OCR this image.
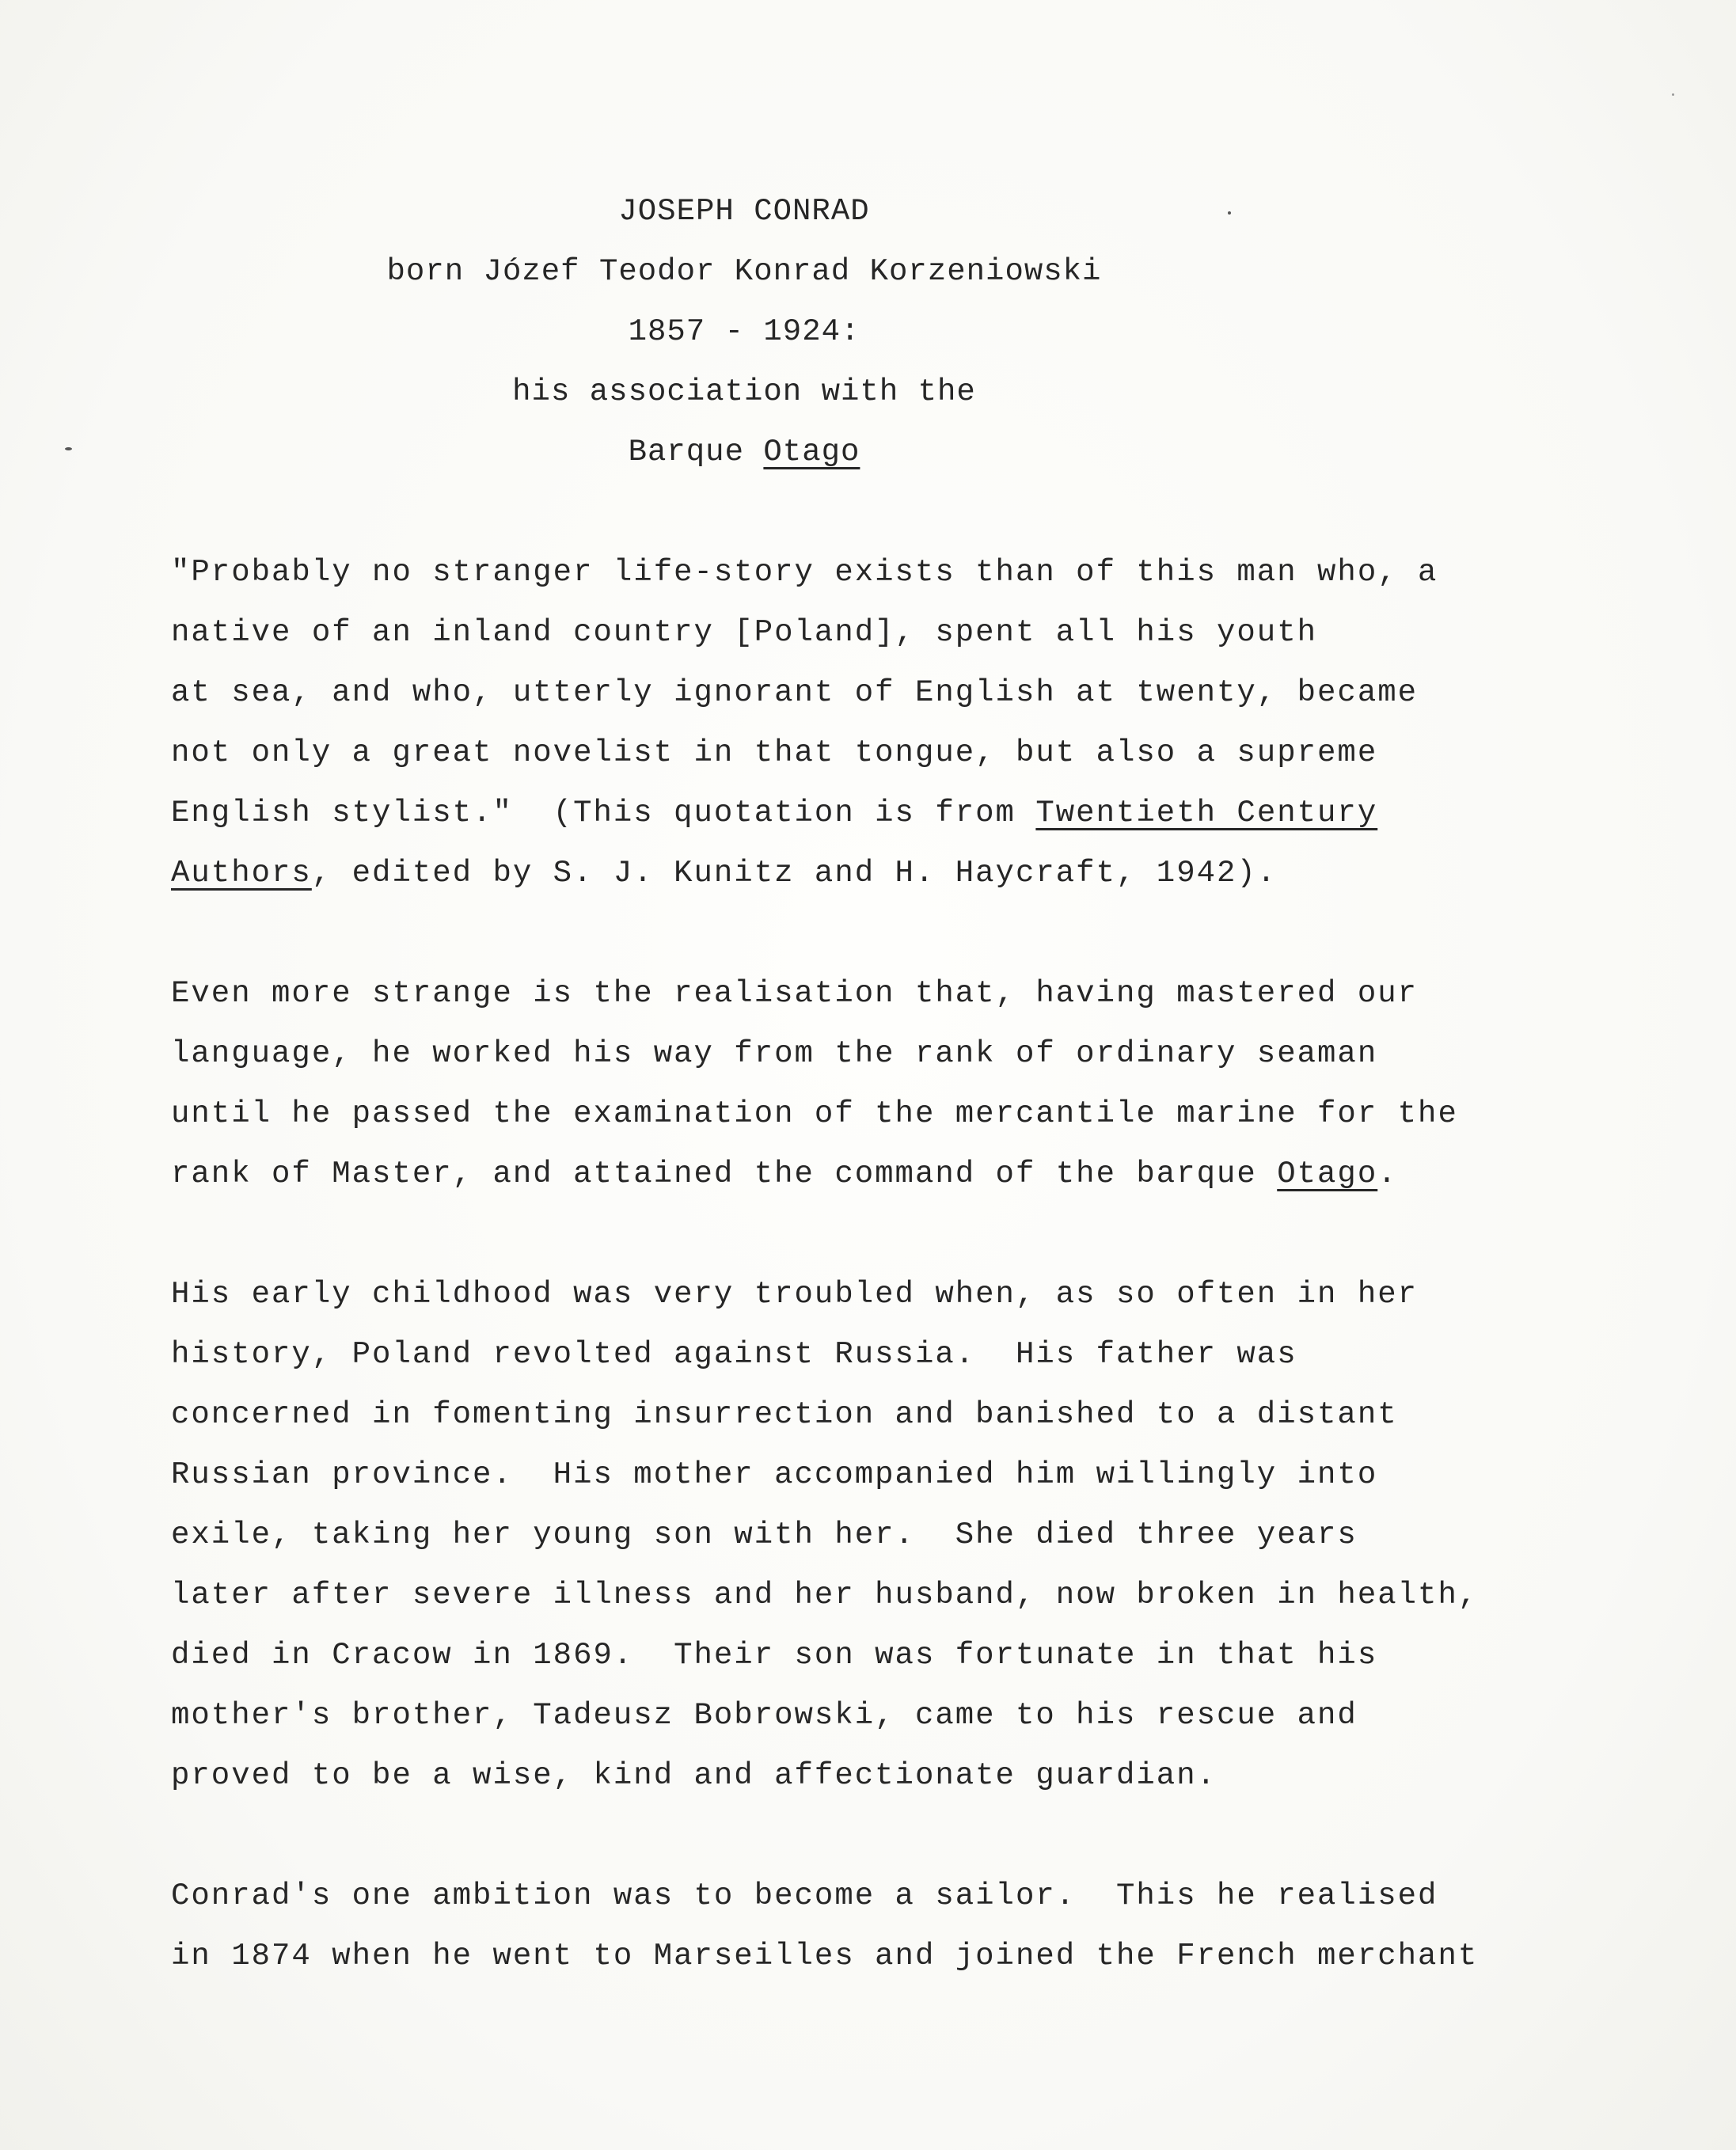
JOSEPH CONRAD
born Józef Teodor Konrad Korzeniowski
1857 - 1924:
his association with the
Barque Otago
"Probably no stranger life-story exists than of this man who, a
native of an inland country [Poland], spent all his youth
at sea, and who, utterly ignorant of English at twenty, became
not only a great novelist in that tongue, but also a supreme
English stylist."  (This quotation is from Twentieth Century
Authors, edited by S. J. Kunitz and H. Haycraft, 1942).
Even more strange is the realisation that, having mastered our
language, he worked his way from the rank of ordinary seaman
until he passed the examination of the mercantile marine for the
rank of Master, and attained the command of the barque Otago.
His early childhood was very troubled when, as so often in her
history, Poland revolted against Russia.  His father was
concerned in fomenting insurrection and banished to a distant
Russian province.  His mother accompanied him willingly into
exile, taking her young son with her.  She died three years
later after severe illness and her husband, now broken in health,
died in Cracow in 1869.  Their son was fortunate in that his
mother's brother, Tadeusz Bobrowski, came to his rescue and
proved to be a wise, kind and affectionate guardian.
Conrad's one ambition was to become a sailor.  This he realised
in 1874 when he went to Marseilles and joined the French merchant
